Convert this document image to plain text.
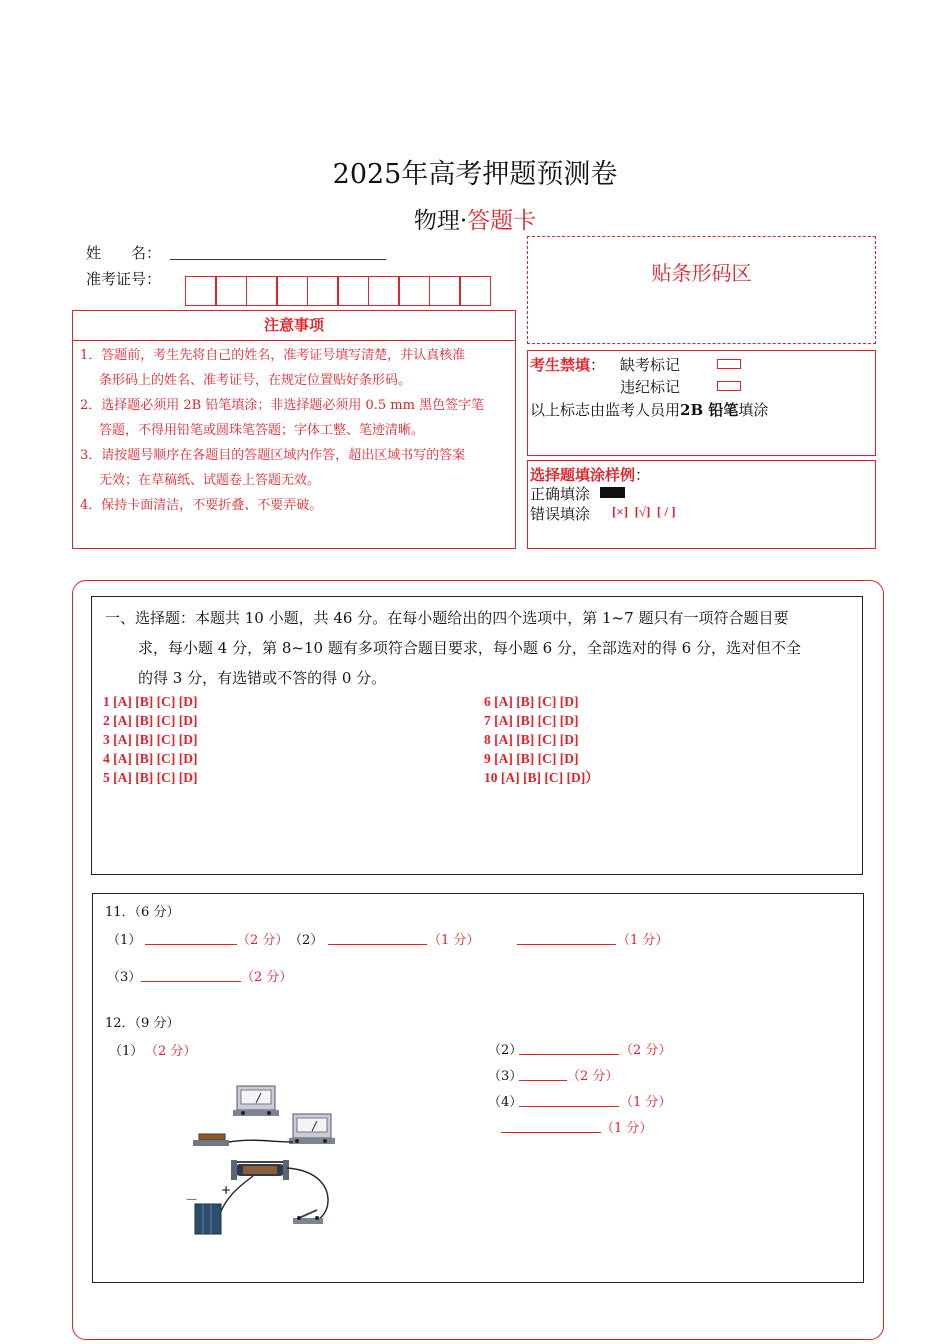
2025年高考押题预测卷
物理·答题卡
姓　　名：
准考证号：	贴条形码区
注意事项
1．答题前，考生先将自己的姓名，准考证号填写清楚，并认真核准
条形码上的姓名、准考证号，在规定位置贴好条形码。
2．选择题必须用 2B 铅笔填涂；非选择题必须用 0.5 mm 黑色签字笔
答题，不得用铅笔或圆珠笔答题；字体工整、笔迹清晰。
3．请按题号顺序在各题目的答题区域内作答，超出区域书写的答案
无效；在草稿纸、试题卷上答题无效。
4．保持卡面清洁，不要折叠、不要弄破。
考生禁填： 缺考标记
违纪标记
以上标志由监考人员用2B 铅笔填涂
选择题填涂样例：
正确填涂
错误填涂 [×]  [√]  [ / ]
一、选择题：本题共 10 小题，共 46 分。在每小题给出的四个选项中，第 1~7 题只有一项符合题目要
求，每小题 4 分，第 8~10 题有多项符合题目要求，每小题 6 分，全部选对的得 6 分，选对但不全
的得 3 分，有选错或不答的得 0 分。
1 [A] [B] [C] [D]
2 [A] [B] [C] [D]
3 [A] [B] [C] [D]
4 [A] [B] [C] [D]
5 [A] [B] [C] [D]
6 [A] [B] [C] [D]
7 [A] [B] [C] [D]
8 [A] [B] [C] [D]
9 [A] [B] [C] [D]
10 [A] [B] [C] [D]）
11．（6 分）
（1）	（2 分） （2）	（1 分）	（1 分）
（3）	（2 分）
12．（9 分）
（1） （2 分）	（2）	（2 分）
（3）	（2 分）
（4）	（1 分）
（1 分）
－
+
